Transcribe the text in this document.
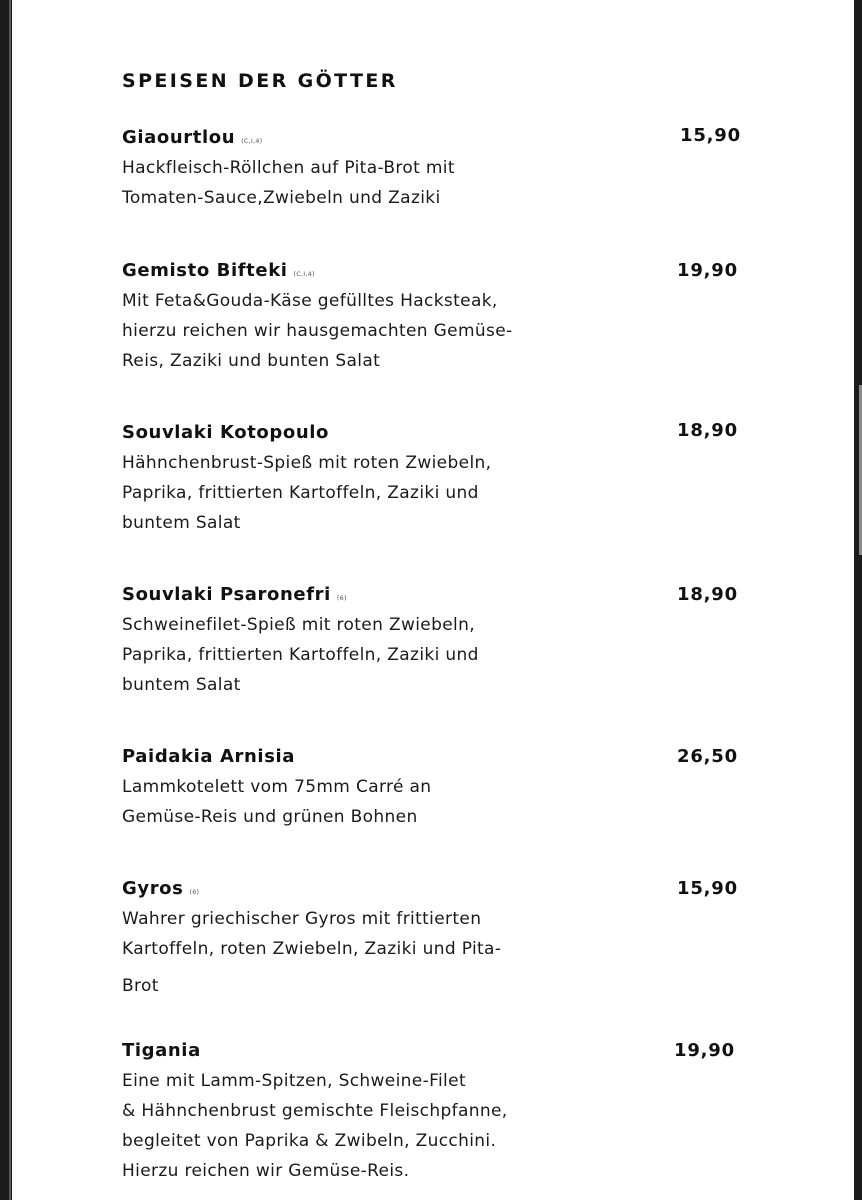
SPEISEN DER GÖTTER
Giaourtlou (C,I,4)	15,90
Hackfleisch-Röllchen auf Pita-Brot mit
Tomaten-Sauce,Zwiebeln und Zaziki
Gemisto Bifteki (C,I,4)	19,90
Mit Feta&Gouda-Käse gefülltes Hacksteak,
hierzu reichen wir hausgemachten Gemüse-
Reis, Zaziki und bunten Salat
Souvlaki Kotopoulo	18,90
Hähnchenbrust-Spieß mit roten Zwiebeln,
Paprika, frittierten Kartoffeln, Zaziki und
buntem Salat
Souvlaki Psaronefri (6)	18,90
Schweinefilet-Spieß mit roten Zwiebeln,
Paprika, frittierten Kartoffeln, Zaziki und
buntem Salat
Paidakia Arnisia	26,50
Lammkotelett vom 75mm Carré an
Gemüse-Reis und grünen Bohnen
Gyros (6)	15,90
Wahrer griechischer Gyros mit frittierten
Kartoffeln, roten Zwiebeln, Zaziki und Pita-
Brot
Tigania	19,90
Eine mit Lamm-Spitzen, Schweine-Filet
& Hähnchenbrust gemischte Fleischpfanne,
begleitet von Paprika & Zwibeln, Zucchini.
Hierzu reichen wir Gemüse-Reis.
